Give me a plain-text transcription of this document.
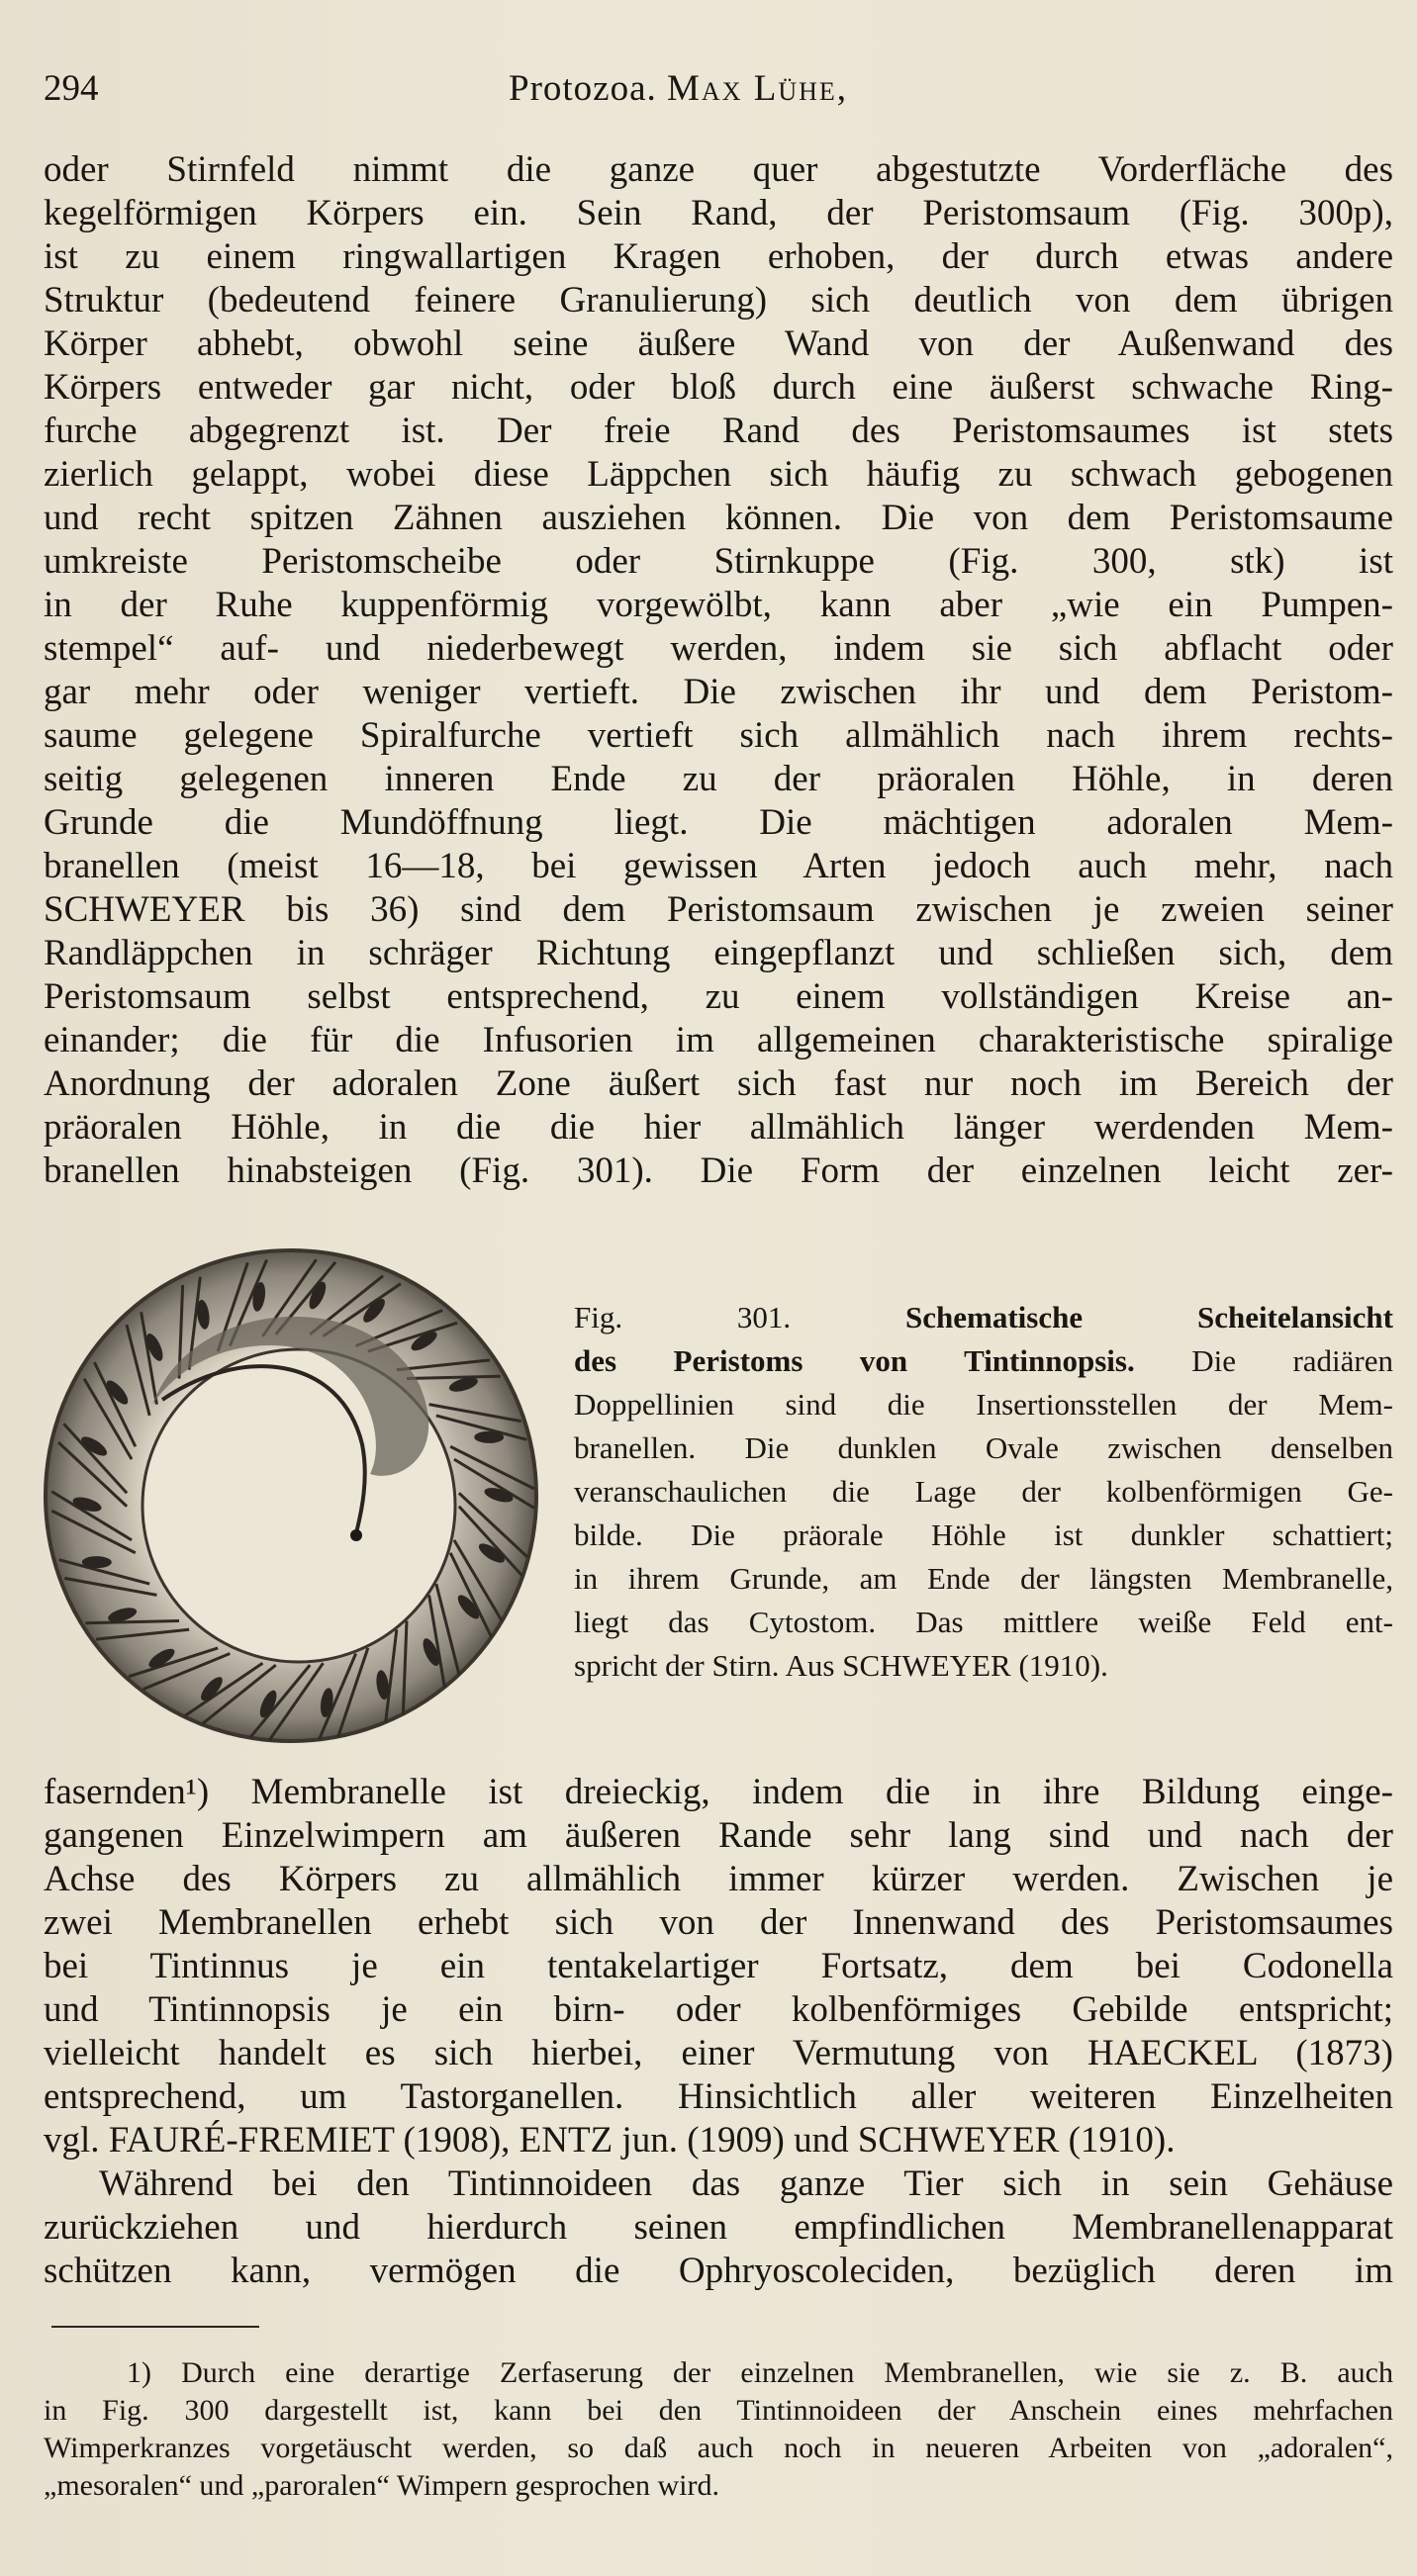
294	Protozoa. Max Lühe,
oder Stirnfeld nimmt die ganze quer abgestutzte Vorderfläche des
kegelförmigen Körpers ein. Sein Rand, der Peristomsaum (Fig. 300p),
ist zu einem ringwallartigen Kragen erhoben, der durch etwas andere
Struktur (bedeutend feinere Granulierung) sich deutlich von dem übrigen
Körper abhebt, obwohl seine äußere Wand von der Außenwand des
Körpers entweder gar nicht, oder bloß durch eine äußerst schwache Ring-
furche abgegrenzt ist. Der freie Rand des Peristomsaumes ist stets
zierlich gelappt, wobei diese Läppchen sich häufig zu schwach gebogenen
und recht spitzen Zähnen ausziehen können. Die von dem Peristomsaume
umkreiste Peristomscheibe oder Stirnkuppe (Fig. 300, stk) ist
in der Ruhe kuppenförmig vorgewölbt, kann aber „wie ein Pumpen-
stempel“ auf- und niederbewegt werden, indem sie sich abflacht oder
gar mehr oder weniger vertieft. Die zwischen ihr und dem Peristom-
saume gelegene Spiralfurche vertieft sich allmählich nach ihrem rechts-
seitig gelegenen inneren Ende zu der präoralen Höhle, in deren
Grunde die Mundöffnung liegt. Die mächtigen adoralen Mem-
branellen (meist 16—18, bei gewissen Arten jedoch auch mehr, nach
SCHWEYER bis 36) sind dem Peristomsaum zwischen je zweien seiner
Randläppchen in schräger Richtung eingepflanzt und schließen sich, dem
Peristomsaum selbst entsprechend, zu einem vollständigen Kreise an-
einander; die für die Infusorien im allgemeinen charakteristische spiralige
Anordnung der adoralen Zone äußert sich fast nur noch im Bereich der
präoralen Höhle, in die die hier allmählich länger werdenden Mem-
branellen hinabsteigen (Fig. 301). Die Form der einzelnen leicht zer-
Fig. 301.	Schematische Scheitelansicht
des Peristoms von Tintinnopsis. Die radiären
Doppellinien sind die Insertionsstellen der Mem-
branellen. Die dunklen Ovale zwischen denselben
veranschaulichen die Lage der kolbenförmigen Ge-
bilde. Die präorale Höhle ist dunkler schattiert;
in ihrem Grunde, am Ende der längsten Membranelle,
liegt das Cytostom. Das mittlere weiße Feld ent-
spricht der Stirn. Aus SCHWEYER (1910).
fasernden¹) Membranelle ist dreieckig, indem die in ihre Bildung einge-
gangenen Einzelwimpern am äußeren Rande sehr lang sind und nach der
Achse des Körpers zu allmählich immer kürzer werden. Zwischen je
zwei Membranellen erhebt sich von der Innenwand des Peristomsaumes
bei Tintinnus je ein tentakelartiger Fortsatz, dem bei Codonella
und Tintinnopsis je ein birn- oder kolbenförmiges Gebilde entspricht;
vielleicht handelt es sich hierbei, einer Vermutung von HAECKEL (1873)
entsprechend, um Tastorganellen. Hinsichtlich aller weiteren Einzelheiten
vgl. FAURÉ-FREMIET (1908), ENTZ jun. (1909) und SCHWEYER (1910).
Während bei den Tintinnoideen das ganze Tier sich in sein Gehäuse
zurückziehen und hierdurch seinen empfindlichen Membranellenapparat
schützen kann, vermögen die Ophryoscoleciden, bezüglich deren im
1) Durch eine derartige Zerfaserung der einzelnen Membranellen, wie sie z. B. auch
in Fig. 300 dargestellt ist, kann bei den Tintinnoideen der Anschein eines mehrfachen
Wimperkranzes vorgetäuscht werden, so daß auch noch in neueren Arbeiten von „adoralen“,
„mesoralen“ und „paroralen“ Wimpern gesprochen wird.
